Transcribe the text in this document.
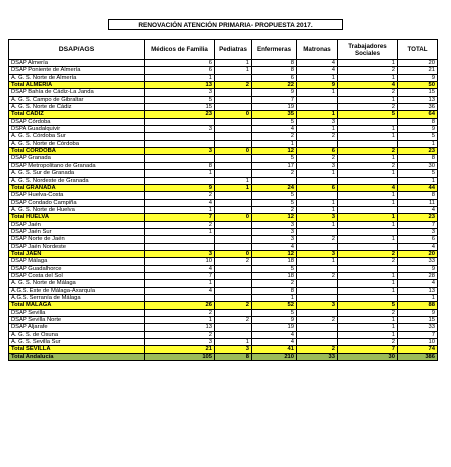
RENOVACIÓN ATENCIÓN PRIMARIA- PROPUESTA 2017.
DSAP/AGS	Médicos de Familia	Pediatras	Enfermeras	Matronas	Trabajadores Sociales	TOTAL
DSAP Almería	6	1	8	4	1	20
DSAP Poniente de Almería	6	1	8	4	2	21
A. G. S. Norte de Almería	1		6	1	1	9
Total ALMERÍA	13	2	22	9	4	50
DSAP Bahía de Cádiz-La Janda	3		9	1	2	15
A. G. S. Campo de Gibraltar	5		7		1	13
A. G. S. Norte de Cádiz	15		19		2	36
Total CÁDIZ	23	0	35	1	5	64
DSAP Córdoba			5	3		8
DSPA Guadalquivir	3		4	1	1	9
A. G. S. Córdoba Sur			2	2	1	5
A. G. S. Norte de Córdoba			1			1
Total CÓRDOBA	3	0	12	6	2	23
DSAP Granada			5	2	1	8
DSAP Metropolitano de Granada	8		17	3	2	30
A. G. S. Sur de Granada	1		2	1	1	5
A. G. S. Nordeste de Granada		1				1
Total GRANADA	9	1	24	6	4	44
DSAP Huelva-Costa	2		5		1	8
DSAP Condado Campiña	4		5	1	1	11
A. G. S. Norte de Huelva	1		2	1		4
Total HUELVA	7	0	12	3	1	23
DSAP Jaén	2		3	1	1	7
DSAP Jaén Sur	1		3			3
DSAP Norte de Jaén			3	2	1	6
DSAP Jaén Nordeste			4			4
Total JAÉN	3	0	12	3	2	20
DSAP Málaga	10	2	18	1	2	33
DSAP Guadalhorce	4		5			9
DSAP Costa del Sol	7		18	2	1	28
A. G. S. Norte de Málaga	1		2		1	4
A.G.S. Este de Málaga-Axarquía	4		8		1	13
A.G.S. Serranía de Málaga			1			1
Total MÁLAGA	26	2	52	3	5	88
DSAP Sevilla	2		5		2	9
DSAP Sevilla Norte	1	2	9	2	1	15
DSAP Aljarafe	13		19		1	33
A. G. S. de Osuna	2		4		1	7
A. G. S. Sevilla Sur	3	1	4		2	10
Total SEVILLA	21	3	41	2	7	74
Total Andalucía	105	8	210	33	30	386
